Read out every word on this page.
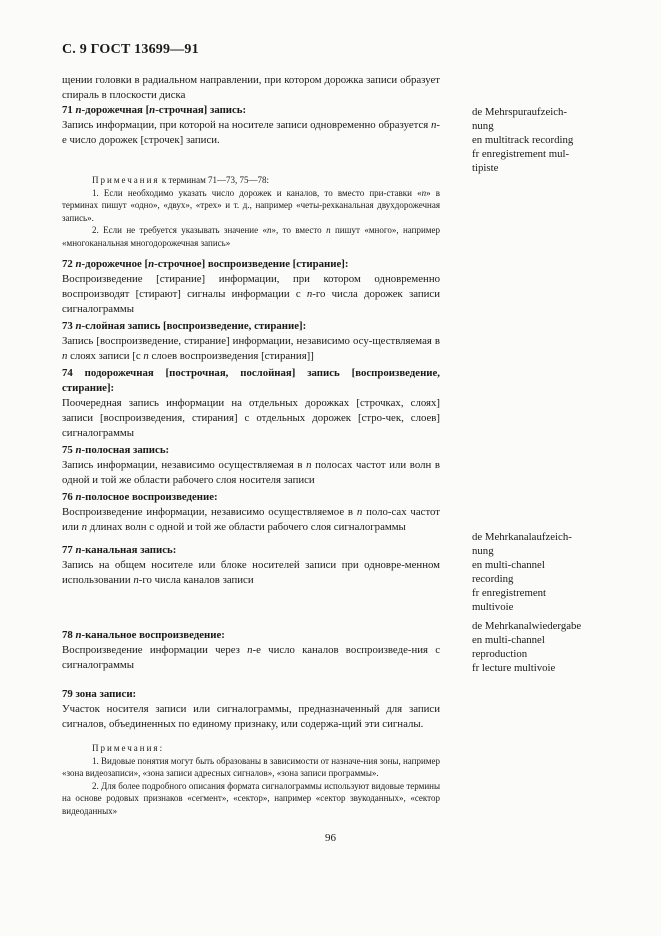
С. 9 ГОСТ 13699—91

щении головки в радиальном направлении, при котором дорожка записи образует спираль в плоскости диска

71 n-дорожечная [n-строчная] запись:

Запись информации, при которой на носителе записи одновременно образуется n-е число дорожек [строчек] записи.

Примечания к терминам 71—73, 75—78:

1. Если необходимо указать число дорожек и каналов, то вместо при-ставки «n» в терминах пишут «одно», «двух», «трех» и т. д., например «четы-рехканальная двухдорожечная запись».

2. Если не требуется указывать значение «n», то вместо n пишут «много», например «многоканальная многодорожечная запись»

72 n-дорожечное [n-строчное] воспроизведение [стирание]:

Воспроизведение [стирание] информации, при котором одновременно воспроизводят [стирают] сигналы информации с n-го числа дорожек записи сигналограммы

73 n-слойная запись [воспроизведение, стирание]:

Запись [воспроизведение, стирание] информации, независимо осу-ществляемая в n слоях записи [с n слоев воспроизведения [стирания]]

74 подорожечная [построчная, послойная] запись [воспроизведение, стирание]:

Поочередная запись информации на отдельных дорожках [строчках, слоях] записи [воспроизведения, стирания] с отдельных дорожек [стро-чек, слоев] сигналограммы

75 n-полосная запись:

Запись информации, независимо осуществляемая в n полосах частот или волн в одной и той же области рабочего слоя носителя записи

76 n-полосное воспроизведение:

Воспроизведение информации, независимо осуществляемое в n поло-сах частот или n длинах волн с одной и той же области рабочего слоя сигналограммы

77 n-канальная запись:

Запись на общем носителе или блоке носителей записи при одновре-менном использовании n-го числа каналов записи

78 n-канальное воспроизведение:

Воспроизведение информации через n-е число каналов воспроизведе-ния с сигналограммы

79 зона записи:

Участок носителя записи или сигналограммы, предназначенный для записи сигналов, объединенных по единому признаку, или содержа-щий эти сигналы.

Примечания:

1. Видовые понятия могут быть образованы в зависимости от назначе-ния зоны, например «зона видеозаписи», «зона записи адресных сигналов», «зона записи программы».

2. Для более подробного описания формата сигналограммы используют видовые термины на основе родовых признаков «сегмент», «сектор», например «сектор звукоданных», «сектор видеоданных»

de Mehrspuraufzeich-
nung
en multitrack recording
fr enregistrement mul-
tipiste
de Mehrkanalaufzeich-
nung
en multi-channel
recording
fr enregistrement
multivoie
de Mehrkanalwiedergabe
en multi-channel
reproduction
fr lecture multivoie
96
